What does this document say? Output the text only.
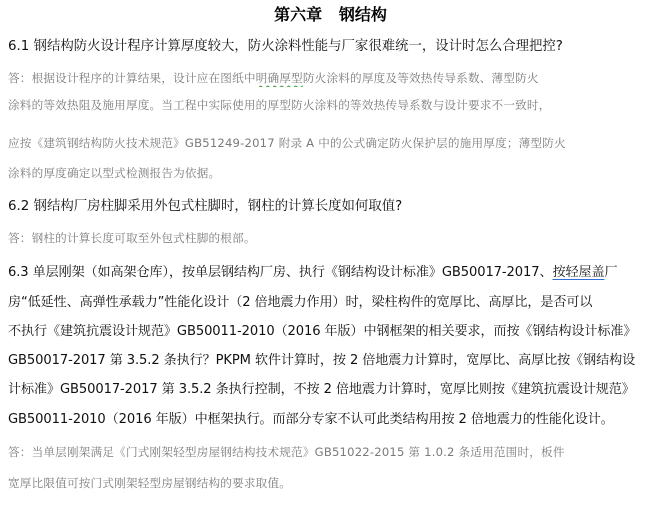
第六章   钢结构
6.1 钢结构防火设计程序计算厚度较大，防火涂料性能与厂家很难统一，设计时怎么合理把控?
答：根据设计程序的计算结果，设计应在图纸中明确厚型防火涂料的厚度及等效热传导系数、薄型防火
涂料的等效热阻及施用厚度。当工程中实际使用的厚型防火涂料的等效热传导系数与设计要求不一致时，
应按《建筑钢结构防火技术规范》GB51249-2017 附录 A 中的公式确定防火保护层的施用厚度；薄型防火
涂料的厚度确定以型式检测报告为依据。
6.2 钢结构厂房柱脚采用外包式柱脚时，钢柱的计算长度如何取值?
答：钢柱的计算长度可取至外包式柱脚的根部。
6.3 单层刚架（如高架仓库），按单层钢结构厂房、执行《钢结构设计标准》GB50017-2017、按轻屋盖厂
房“低延性、高弹性承载力”性能化设计（2 倍地震力作用）时，梁柱构件的宽厚比、高厚比，是否可以
不执行《建筑抗震设计规范》GB50011-2010（2016 年版）中钢框架的相关要求，而按《钢结构设计标准》
GB50017-2017 第 3.5.2 条执行？PKPM 软件计算时，按 2 倍地震力计算时，宽厚比、高厚比按《钢结构设
计标准》GB50017-2017 第 3.5.2 条执行控制，不按 2 倍地震力计算时，宽厚比则按《建筑抗震设计规范》
GB50011-2010（2016 年版）中框架执行。而部分专家不认可此类结构用按 2 倍地震力的性能化设计。
答：当单层刚架满足《门式刚架轻型房屋钢结构技术规范》GB51022-2015 第 1.0.2 条适用范围时，板件
宽厚比限值可按门式刚架轻型房屋钢结构的要求取值。
